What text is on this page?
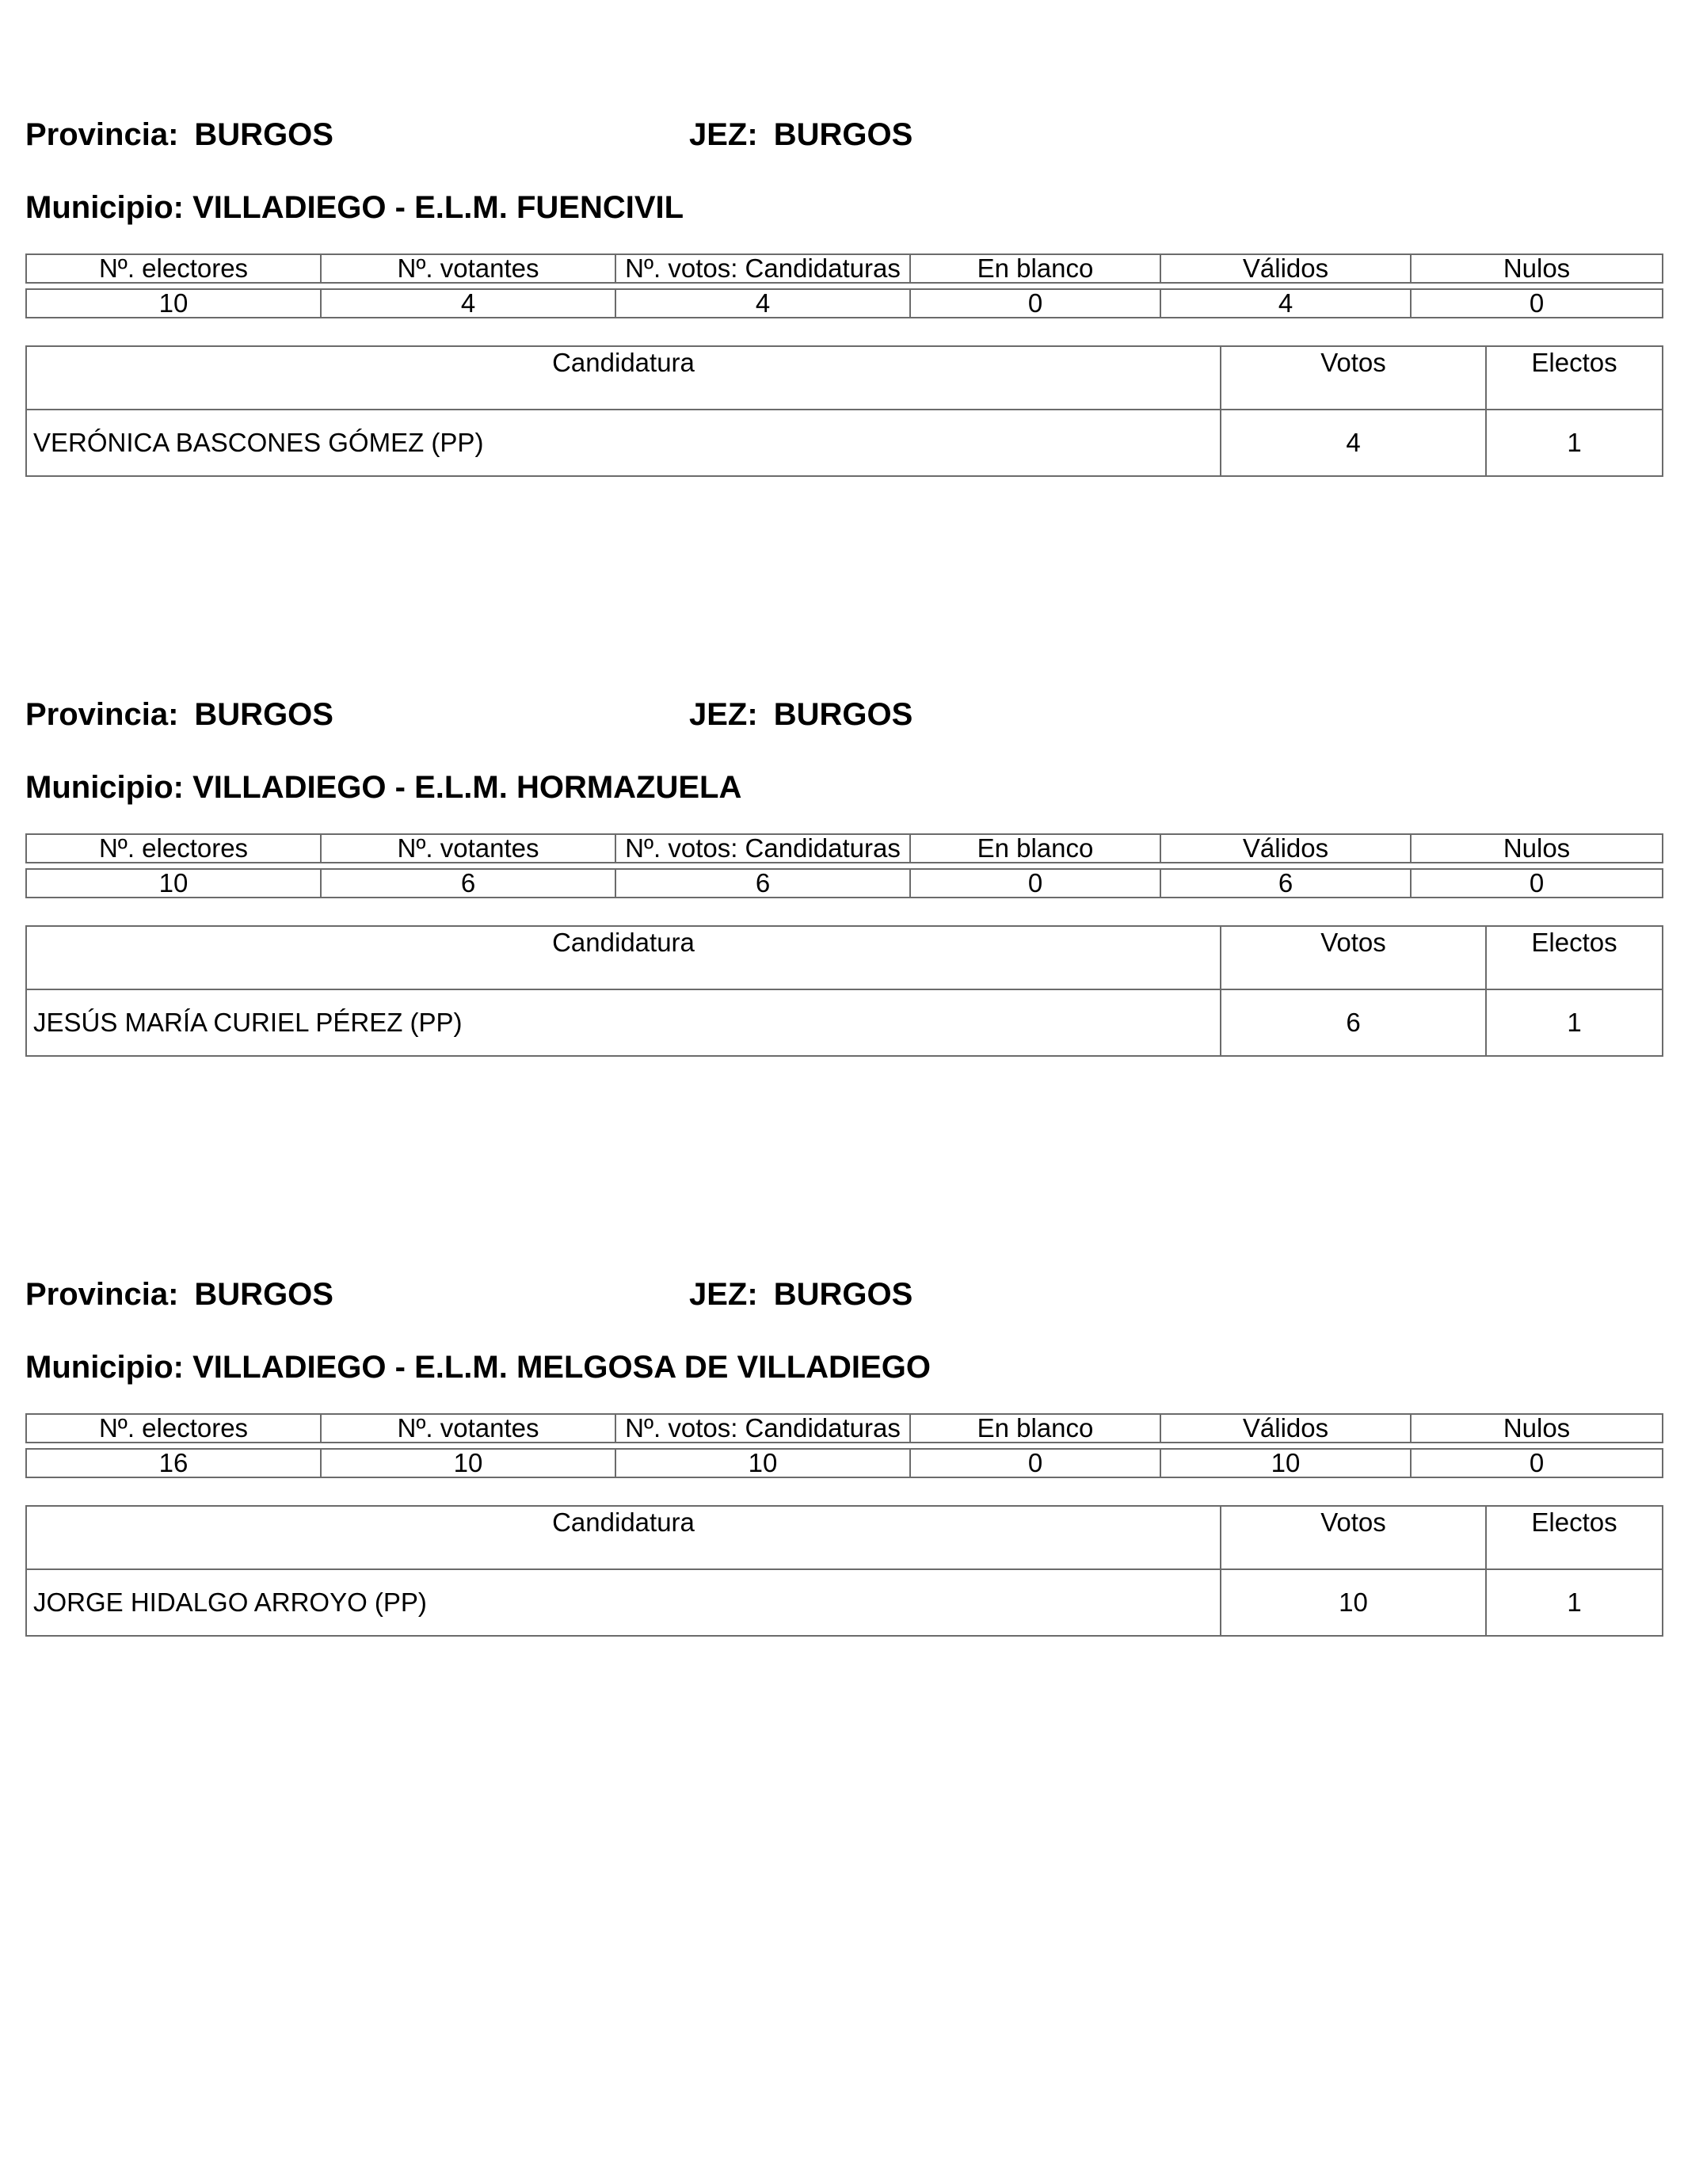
Provincia: BURGOS	JEZ: BURGOS
Municipio: VILLADIEGO - E.L.M. FUENCIVIL
Nº. electores	Nº. votantes	Nº. votos: Candidaturas	En blanco	Válidos	Nulos

10	4	4	0	4	0
Candidatura	Votos	Electos
VERÓNICA BASCONES GÓMEZ (PP)	4	1
Provincia: BURGOS	JEZ: BURGOS
Municipio: VILLADIEGO - E.L.M. HORMAZUELA
Nº. electores	Nº. votantes	Nº. votos: Candidaturas	En blanco	Válidos	Nulos

10	6	6	0	6	0
Candidatura	Votos	Electos
JESÚS MARÍA CURIEL PÉREZ (PP)	6	1
Provincia: BURGOS	JEZ: BURGOS
Municipio: VILLADIEGO - E.L.M. MELGOSA DE VILLADIEGO
Nº. electores	Nº. votantes	Nº. votos: Candidaturas	En blanco	Válidos	Nulos

16	10	10	0	10	0
Candidatura	Votos	Electos
JORGE HIDALGO ARROYO (PP)	10	1
